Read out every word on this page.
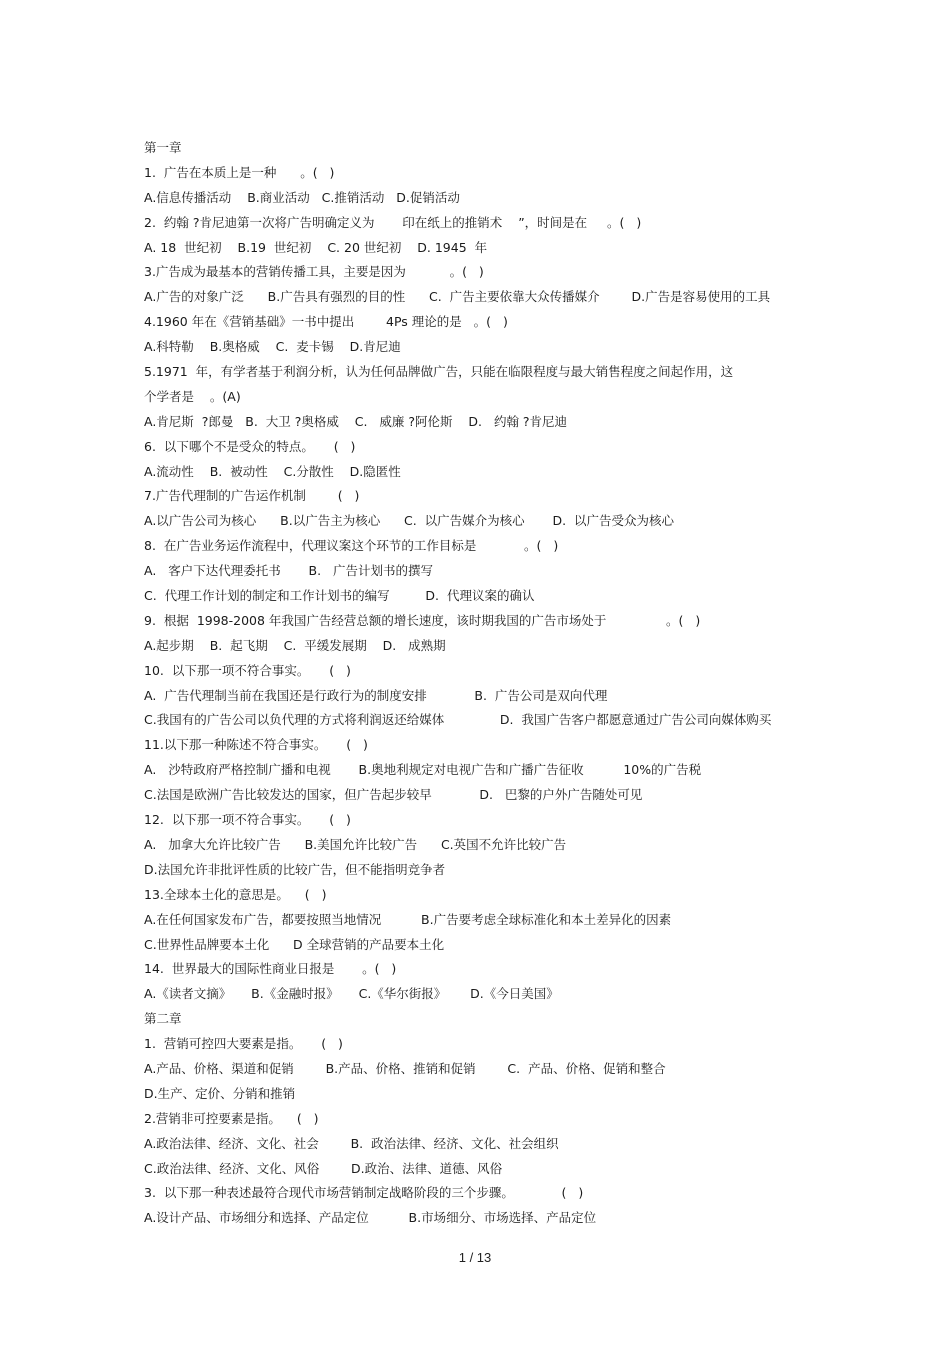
第一章
1.  广告在本质上是一种      。(   )
A.信息传播活动    B.商业活动   C.推销活动   D.促销活动
2.  约翰 ?肯尼迪第一次将广告明确定义为       印在纸上的推销术    ”，时间是在     。(   )
A. 18  世纪初    B.19  世纪初    C. 20 世纪初    D. 1945  年
3.广告成为最基本的营销传播工具，主要是因为           。(   )
A.广告的对象广泛      B.广告具有强烈的目的性      C.  广告主要依靠大众传播媒介        D.广告是容易使用的工具
4.1960 年在《营销基础》一书中提出        4Ps 理论的是   。(   )
A.科特勒    B.奥格威    C.  麦卡锡    D.肯尼迪
5.1971  年，有学者基于利润分析，认为任何品牌做广告，只能在临限程度与最大销售程度之间起作用，这
个学者是    。(A)
A.肯尼斯  ?郎曼   B.  大卫 ?奥格威    C.   威廉 ?阿伦斯    D.   约翰 ?肯尼迪
6.  以下哪个不是受众的特点。     (   )
A.流动性    B.  被动性    C.分散性    D.隐匿性
7.广告代理制的广告运作机制        (   )
A.以广告公司为核心      B.以广告主为核心      C.  以广告媒介为核心       D.  以广告受众为核心
8.  在广告业务运作流程中，代理议案这个环节的工作目标是            。(   )
A.   客户下达代理委托书       B.   广告计划书的撰写
C.  代理工作计划的制定和工作计划书的编写         D.  代理议案的确认
9.  根据  1998-2008 年我国广告经营总额的增长速度，该时期我国的广告市场处于               。(   )
A.起步期    B.  起飞期    C.  平缓发展期    D.   成熟期
10.  以下那一项不符合事实。     (   )
A.  广告代理制当前在我国还是行政行为的制度安排            B.  广告公司是双向代理
C.我国有的广告公司以负代理的方式将利润返还给媒体              D.  我国广告客户都愿意通过广告公司向媒体购买
11.以下那一种陈述不符合事实。     (   )
A.   沙特政府严格控制广播和电视       B.奥地利规定对电视广告和广播广告征收          10%的广告税
C.法国是欧洲广告比较发达的国家，但广告起步较早            D.   巴黎的户外广告随处可见
12.  以下那一项不符合事实。     (   )
A.   加拿大允许比较广告      B.美国允许比较广告      C.英国不允许比较广告
D.法国允许非批评性质的比较广告，但不能指明竞争者
13.全球本土化的意思是。    (   )
A.在任何国家发布广告，都要按照当地情况          B.广告要考虑全球标准化和本土差异化的因素
C.世界性品牌要本土化      D 全球营销的产品要本土化
14.  世界最大的国际性商业日报是       。(   )
A.《读者文摘》     B.《金融时报》     C.《华尔街报》      D.《今日美国》
第二章
1.  营销可控四大要素是指。     (   )
A.产品、价格、渠道和促销        B.产品、价格、推销和促销        C.  产品、价格、促销和整合
D.生产、定价、分销和推销
2.营销非可控要素是指。    (   )
A.政治法律、经济、文化、社会        B.  政治法律、经济、文化、社会组织
C.政治法律、经济、文化、风俗        D.政治、法律、道德、风俗
3.  以下那一种表述最符合现代市场营销制定战略阶段的三个步骤。            (   )
A.设计产品、市场细分和选择、产品定位          B.市场细分、市场选择、产品定位
1 / 13
